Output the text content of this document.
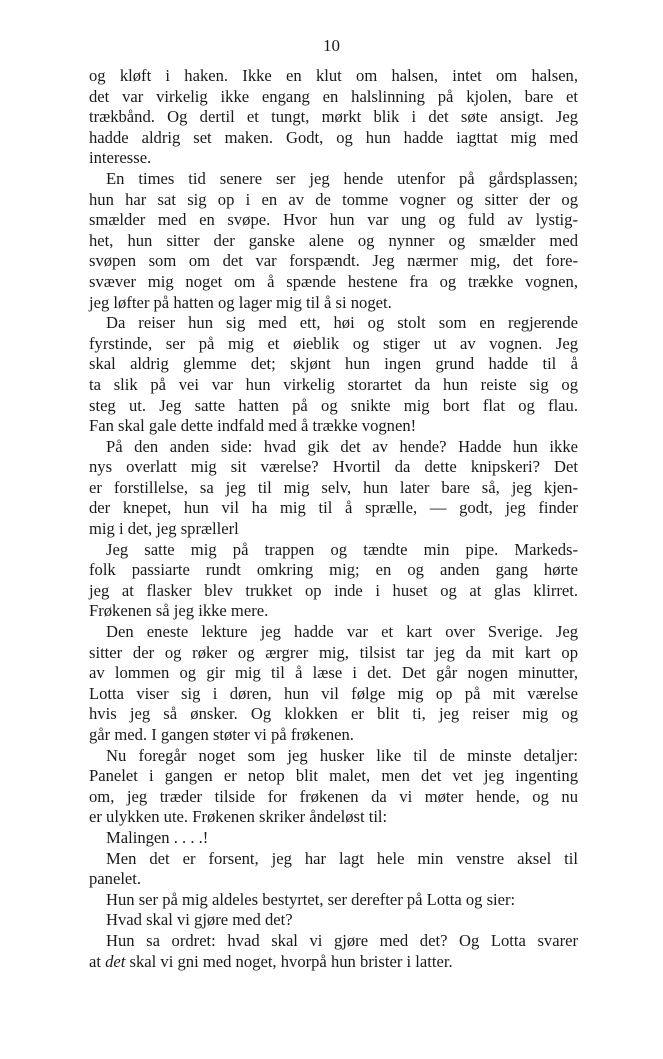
10

og kløft i haken. Ikke en klut om halsen, intet om halsen,

det var virkelig ikke engang en halslinning på kjolen, bare et

trækbånd. Og dertil et tungt, mørkt blik i det søte ansigt. Jeg

hadde aldrig set maken. Godt, og hun hadde iagttat mig med

interesse.

En times tid senere ser jeg hende utenfor på gårdsplassen;

hun har sat sig op i en av de tomme vogner og sitter der og

smælder med en svøpe. Hvor hun var ung og fuld av lystig-

het, hun sitter der ganske alene og nynner og smælder med

svøpen som om det var forspændt. Jeg nærmer mig, det fore-

svæver mig noget om å spænde hestene fra og trække vognen,

jeg løfter på hatten og lager mig til å si noget.

Da reiser hun sig med ett, høi og stolt som en regjerende

fyrstinde, ser på mig et øieblik og stiger ut av vognen. Jeg

skal aldrig glemme det; skjønt hun ingen grund hadde til å

ta slik på vei var hun virkelig storartet da hun reiste sig og

steg ut. Jeg satte hatten på og snikte mig bort flat og flau.

Fan skal gale dette indfald med å trække vognen!

På den anden side: hvad gik det av hende? Hadde hun ikke

nys overlatt mig sit værelse? Hvortil da dette knipskeri? Det

er forstillelse, sa jeg til mig selv, hun later bare så, jeg kjen-

der knepet, hun vil ha mig til å sprælle, — godt, jeg finder

mig i det, jeg sprællerl

Jeg satte mig på trappen og tændte min pipe. Markeds-

folk passiarte rundt omkring mig; en og anden gang hørte

jeg at flasker blev trukket op inde i huset og at glas klirret.

Frøkenen så jeg ikke mere.

Den eneste lekture jeg hadde var et kart over Sverige. Jeg

sitter der og røker og ærgrer mig, tilsist tar jeg da mit kart op

av lommen og gir mig til å læse i det. Det går nogen minutter,

Lotta viser sig i døren, hun vil følge mig op på mit værelse

hvis jeg så ønsker. Og klokken er blit ti, jeg reiser mig og

går med. I gangen støter vi på frøkenen.

Nu foregår noget som jeg husker like til de minste detaljer:

Panelet i gangen er netop blit malet, men det vet jeg ingenting

om, jeg træder tilside for frøkenen da vi møter hende, og nu

er ulykken ute. Frøkenen skriker åndeløst til:

Malingen . . . .!

Men det er forsent, jeg har lagt hele min venstre aksel til

panelet.

Hun ser på mig aldeles bestyrtet, ser derefter på Lotta og sier:

Hvad skal vi gjøre med det?

Hun sa ordret: hvad skal vi gjøre med det? Og Lotta svarer

at det skal vi gni med noget, hvorpå hun brister i latter.
